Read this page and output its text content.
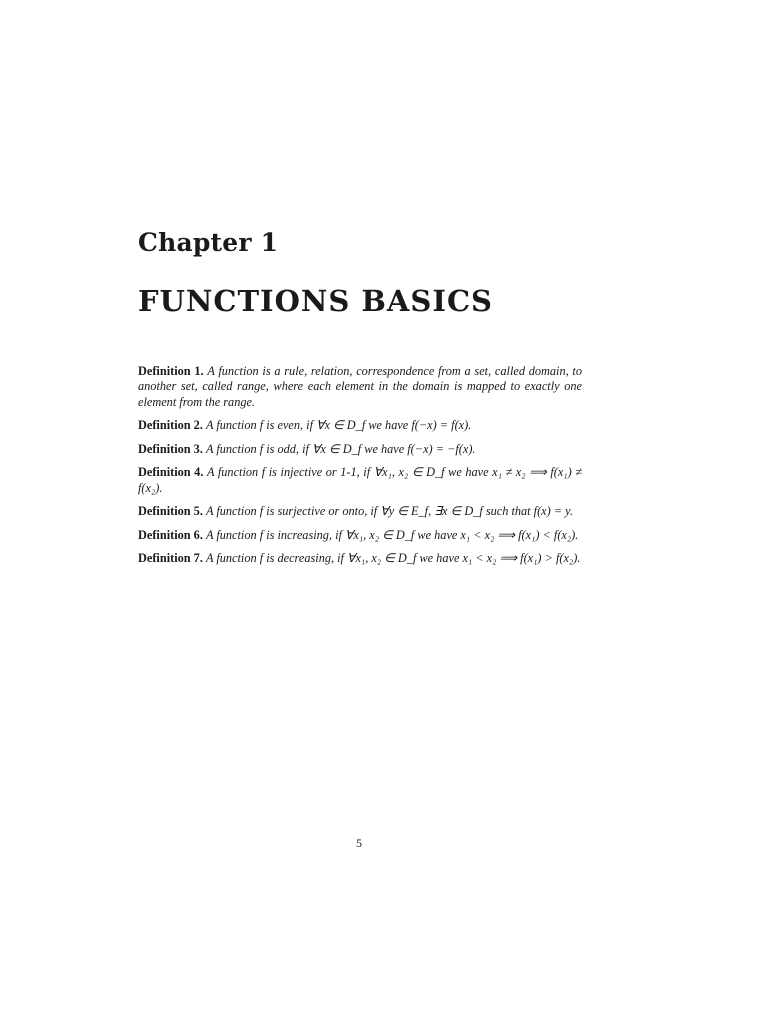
Chapter 1
FUNCTIONS BASICS

Definition 1. A function is a rule, relation, correspondence from a set, called domain, to another set, called range, where each element in the domain is mapped to exactly one element from the range.

Definition 2. A function f is even, if ∀x ∈ D_f we have f(−x) = f(x).

Definition 3. A function f is odd, if ∀x ∈ D_f we have f(−x) = −f(x).

Definition 4. A function f is injective or 1-1, if ∀x₁, x₂ ∈ D_f we have x₁ ≠ x₂ ⟹ f(x₁) ≠ f(x₂).

Definition 5. A function f is surjective or onto, if ∀y ∈ E_f, ∃x ∈ D_f such that f(x) = y.

Definition 6. A function f is increasing, if ∀x₁, x₂ ∈ D_f we have x₁ < x₂ ⟹ f(x₁) < f(x₂).

Definition 7. A function f is decreasing, if ∀x₁, x₂ ∈ D_f we have x₁ < x₂ ⟹ f(x₁) > f(x₂).

5
